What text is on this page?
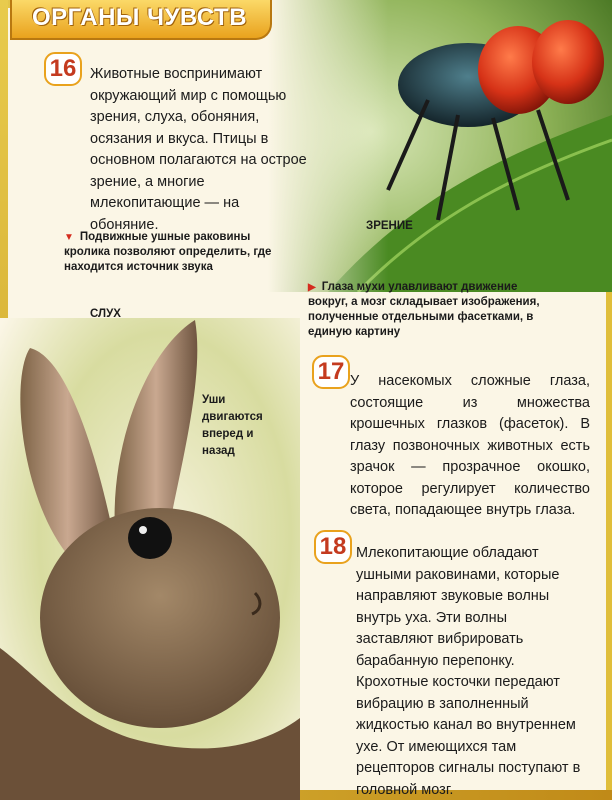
ОРГАНЫ ЧУВСТВ
16 Животные воспринимают окружающий мир с помощью зрения, слуха, обоняния, осязания и вкуса. Птицы в основном полагаются на острое зрение, а многие млекопитающие — на обоняние.
▼ Подвижные ушные раковины кролика позволяют определить, где находится источник звука
ЗРЕНИЕ
▶ Глаза мухи улавливают движение вокруг, а мозг складывает изображения, полученные отдельными фасетками, в единую картину
СЛУХ
Уши двигаются вперед и назад
17 У насекомых сложные глаза, состоящие из множества крошечных глазков (фасеток). В глазу позвоночных животных есть зрачок — прозрачное окошко, которое регулирует количество света, попадающее внутрь глаза.
18 Млекопитающие обладают ушными раковинами, которые направляют звуковые волны внутрь уха. Эти волны заставляют вибрировать барабанную перепонку. Крохотные косточки передают вибрацию в заполненный жидкостью канал во внутреннем ухе. От имеющихся там рецепторов сигналы поступают в головной мозг.
